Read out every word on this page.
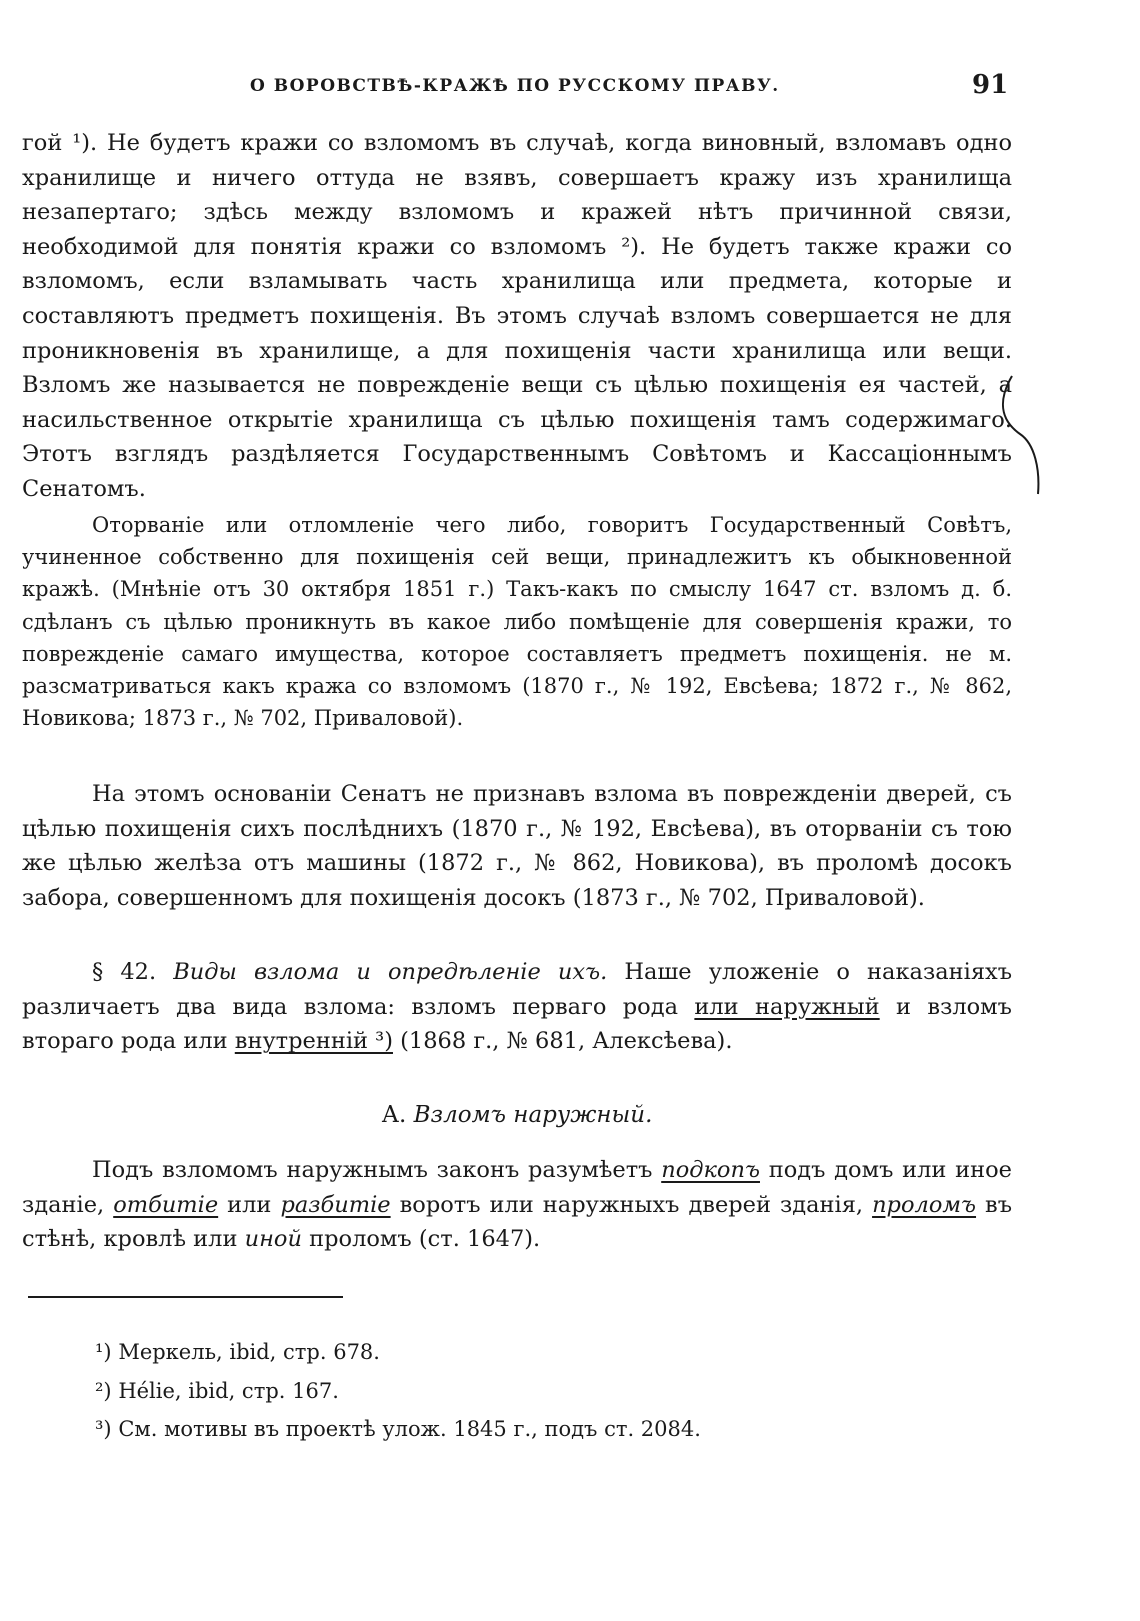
О ВОРОВСТВѢ-КРАЖѢ ПО РУССКОМУ ПРАВУ.	91

гой ¹). Не будетъ кражи со взломомъ въ случаѣ, когда виновный, взломавъ одно хранилище и ничего оттуда не взявъ, совершаетъ кражу изъ хранилища незапертаго; здѣсь между взломомъ и кражей нѣтъ причинной связи, необходимой для понятія кражи со взломомъ ²). Не будетъ также кражи со взломомъ, если взламывать часть хранилища или предмета, которые и составляютъ предметъ похищенія. Въ этомъ случаѣ взломъ совершается не для проникновенія въ хранилище, а для похищенія части хранилища или вещи. Взломъ же называется не поврежденіе вещи съ цѣлью похищенія ея частей, а насильственное открытіе хранилища съ цѣлью похищенія тамъ содержимаго. Этотъ взглядъ раздѣляется Государственнымъ Совѣтомъ и Кассаціоннымъ Сенатомъ.

Оторваніе или отломленіе чего либо, говоритъ Государственный Совѣтъ, учиненное собственно для похищенія сей вещи, принадлежитъ къ обыкновенной кражѣ. (Мнѣніе отъ 30 октября 1851 г.) Такъ-какъ по смыслу 1647 ст. взломъ д. б. сдѣланъ съ цѣлью проникнуть въ какое либо помѣщеніе для совершенія кражи, то поврежденіе самаго имущества, которое составляетъ предметъ похищенія. не м. разсматриваться какъ кража со взломомъ (1870 г., № 192, Евсѣева; 1872 г., № 862, Новикова; 1873 г., № 702, Приваловой).

На этомъ основаніи Сенатъ не признавъ взлома въ поврежденіи дверей, съ цѣлью похищенія сихъ послѣднихъ (1870 г., № 192, Евсѣева), въ оторваніи съ тою же цѣлью желѣза отъ машины (1872 г., № 862, Новикова), въ проломѣ досокъ забора, совершенномъ для похищенія досокъ (1873 г., № 702, Приваловой).

§ 42. Виды взлома и опредѣленіе ихъ. Наше уложеніе о наказаніяхъ различаетъ два вида взлома: взломъ перваго рода или наружный и взломъ втораго рода или внутренній ³) (1868 г., № 681, Алексѣева).

А. Взломъ наружный.

Подъ взломомъ наружнымъ законъ разумѣетъ подкопъ подъ домъ или иное зданіе, отбитіе или разбитіе воротъ или наружныхъ дверей зданія, проломъ въ стѣнѣ, кровлѣ или иной проломъ (ст. 1647).

¹) Меркель, ibid, стр. 678.
²) Hélie, ibid, стр. 167.
³) См. мотивы въ проектѣ улож. 1845 г., подъ ст. 2084.
